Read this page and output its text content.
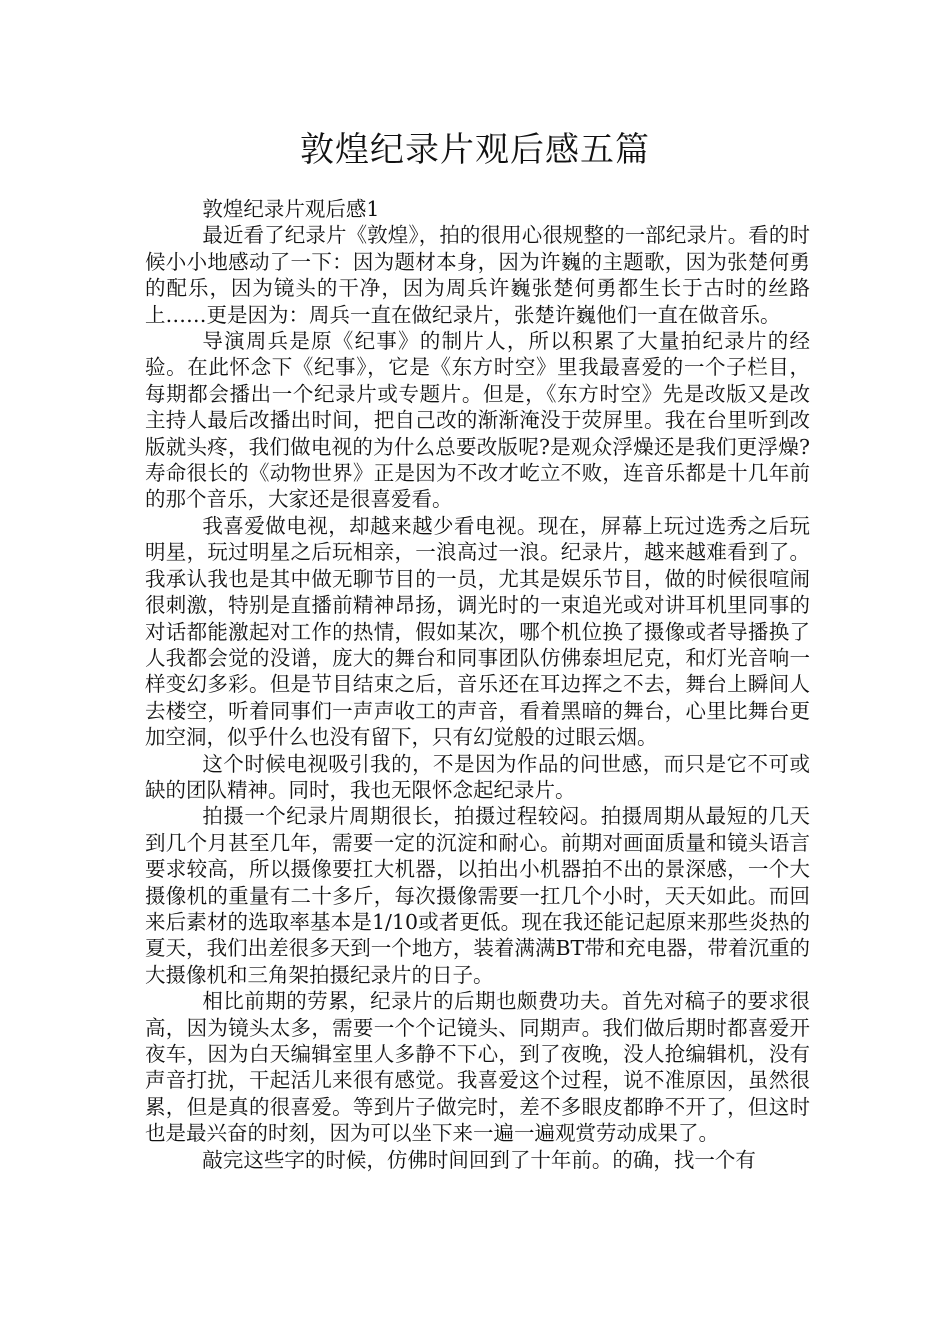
敦煌纪录片观后感五篇

敦煌纪录片观后感1

最近看了纪录片《敦煌》，拍的很用心很规整的一部纪录片。看的时候小小地感动了一下：因为题材本身，因为许巍的主题歌，因为张楚何勇的配乐，因为镜头的干净，因为周兵许巍张楚何勇都生长于古时的丝路上……更是因为：周兵一直在做纪录片，张楚许巍他们一直在做音乐。

导演周兵是原《纪事》的制片人，所以积累了大量拍纪录片的经验。在此怀念下《纪事》，它是《东方时空》里我最喜爱的一个子栏目，每期都会播出一个纪录片或专题片。但是，《东方时空》先是改版又是改主持人最后改播出时间，把自己改的渐渐淹没于荧屏里。我在台里听到改版就头疼，我们做电视的为什么总要改版呢?是观众浮燥还是我们更浮燥?寿命很长的《动物世界》正是因为不改才屹立不败，连音乐都是十几年前的那个音乐，大家还是很喜爱看。

我喜爱做电视，却越来越少看电视。现在，屏幕上玩过选秀之后玩明星，玩过明星之后玩相亲，一浪高过一浪。纪录片，越来越难看到了。我承认我也是其中做无聊节目的一员，尤其是娱乐节目，做的时候很喧闹很刺激，特别是直播前精神昂扬，调光时的一束追光或对讲耳机里同事的对话都能激起对工作的热情，假如某次，哪个机位换了摄像或者导播换了人我都会觉的没谱，庞大的舞台和同事团队仿佛泰坦尼克，和灯光音响一样变幻多彩。但是节目结束之后，音乐还在耳边挥之不去，舞台上瞬间人去楼空，听着同事们一声声收工的声音，看着黑暗的舞台，心里比舞台更加空洞，似乎什么也没有留下，只有幻觉般的过眼云烟。

这个时候电视吸引我的，不是因为作品的问世感，而只是它不可或缺的团队精神。同时，我也无限怀念起纪录片。

拍摄一个纪录片周期很长，拍摄过程较闷。拍摄周期从最短的几天到几个月甚至几年，需要一定的沉淀和耐心。前期对画面质量和镜头语言要求较高，所以摄像要扛大机器，以拍出小机器拍不出的景深感，一个大摄像机的重量有二十多斤，每次摄像需要一扛几个小时，天天如此。而回来后素材的选取率基本是1/10或者更低。现在我还能记起原来那些炎热的夏天，我们出差很多天到一个地方，装着满满BT带和充电器，带着沉重的大摄像机和三角架拍摄纪录片的日子。

相比前期的劳累，纪录片的后期也颇费功夫。首先对稿子的要求很高，因为镜头太多，需要一个个记镜头、同期声。我们做后期时都喜爱开夜车，因为白天编辑室里人多静不下心，到了夜晚，没人抢编辑机，没有声音打扰，干起活儿来很有感觉。我喜爱这个过程，说不准原因，虽然很累，但是真的很喜爱。等到片子做完时，差不多眼皮都睁不开了，但这时也是最兴奋的时刻，因为可以坐下来一遍一遍观赏劳动成果了。

敲完这些字的时候，仿佛时间回到了十年前。的确，找一个有
